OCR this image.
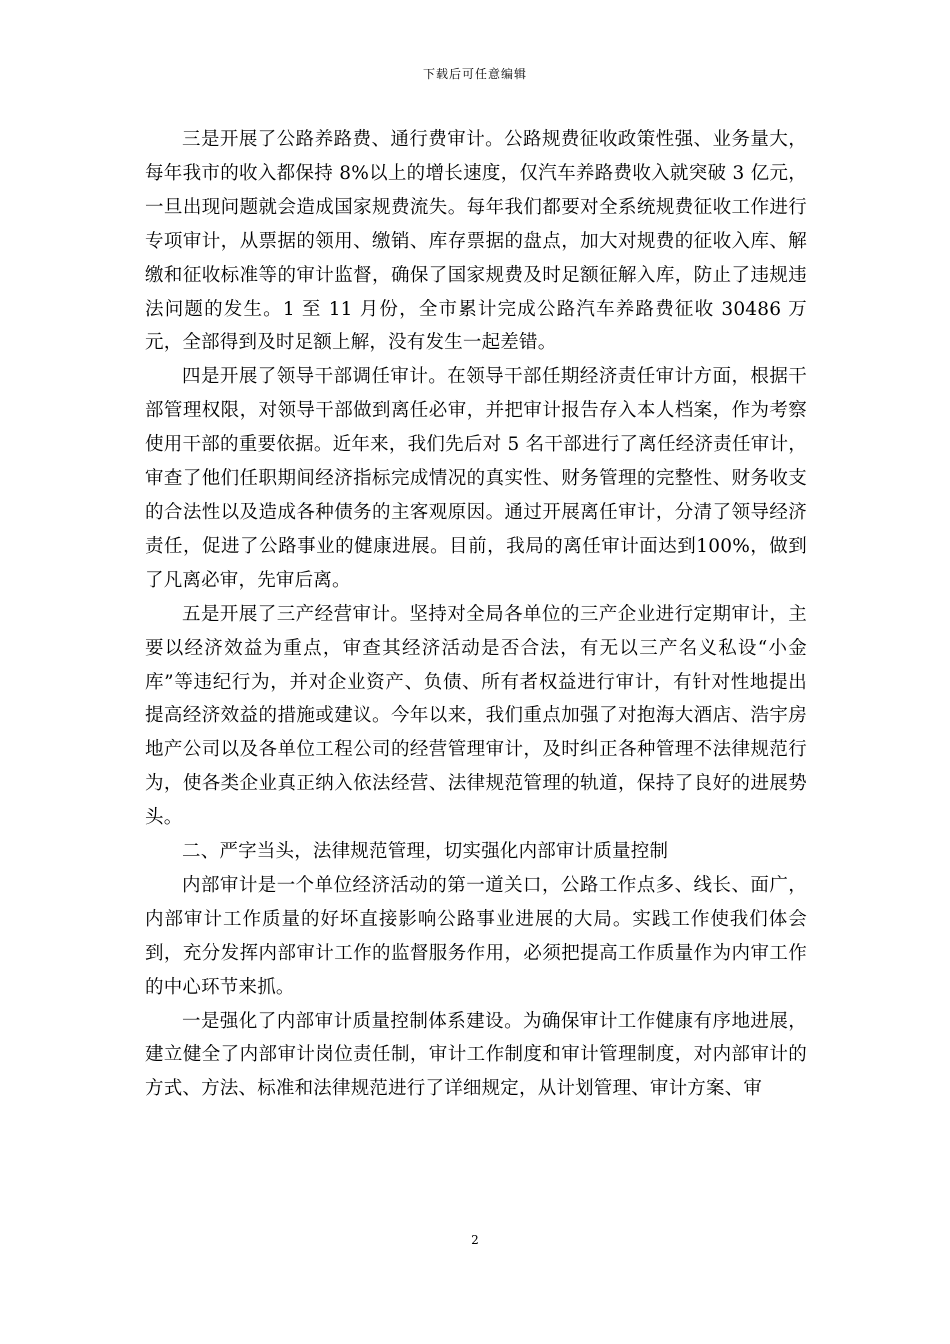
下载后可任意编辑

三是开展了公路养路费、通行费审计。公路规费征收政策性强、业务量大，每年我市的收入都保持 8%以上的增长速度，仅汽车养路费收入就突破 3 亿元，一旦出现问题就会造成国家规费流失。每年我们都要对全系统规费征收工作进行专项审计，从票据的领用、缴销、库存票据的盘点，加大对规费的征收入库、解缴和征收标准等的审计监督，确保了国家规费及时足额征解入库，防止了违规违法问题的发生。1 至 11 月份，全市累计完成公路汽车养路费征收 30486 万元，全部得到及时足额上解，没有发生一起差错。

四是开展了领导干部调任审计。在领导干部任期经济责任审计方面，根据干部管理权限，对领导干部做到离任必审，并把审计报告存入本人档案，作为考察使用干部的重要依据。近年来，我们先后对 5 名干部进行了离任经济责任审计，审查了他们任职期间经济指标完成情况的真实性、财务管理的完整性、财务收支的合法性以及造成各种债务的主客观原因。通过开展离任审计，分清了领导经济责任，促进了公路事业的健康进展。目前，我局的离任审计面达到100%，做到了凡离必审，先审后离。

五是开展了三产经营审计。坚持对全局各单位的三产企业进行定期审计，主要以经济效益为重点，审查其经济活动是否合法，有无以三产名义私设“小金库”等违纪行为，并对企业资产、负债、所有者权益进行审计，有针对性地提出提高经济效益的措施或建议。今年以来，我们重点加强了对抱海大酒店、浩宇房地产公司以及各单位工程公司的经营管理审计，及时纠正各种管理不法律规范行为，使各类企业真正纳入依法经营、法律规范管理的轨道，保持了良好的进展势头。

二、严字当头，法律规范管理，切实强化内部审计质量控制

内部审计是一个单位经济活动的第一道关口，公路工作点多、线长、面广，内部审计工作质量的好坏直接影响公路事业进展的大局。实践工作使我们体会到，充分发挥内部审计工作的监督服务作用，必须把提高工作质量作为内审工作的中心环节来抓。

一是强化了内部审计质量控制体系建设。为确保审计工作健康有序地进展，建立健全了内部审计岗位责任制，审计工作制度和审计管理制度，对内部审计的方式、方法、标准和法律规范进行了详细规定，从计划管理、审计方案、审

2
